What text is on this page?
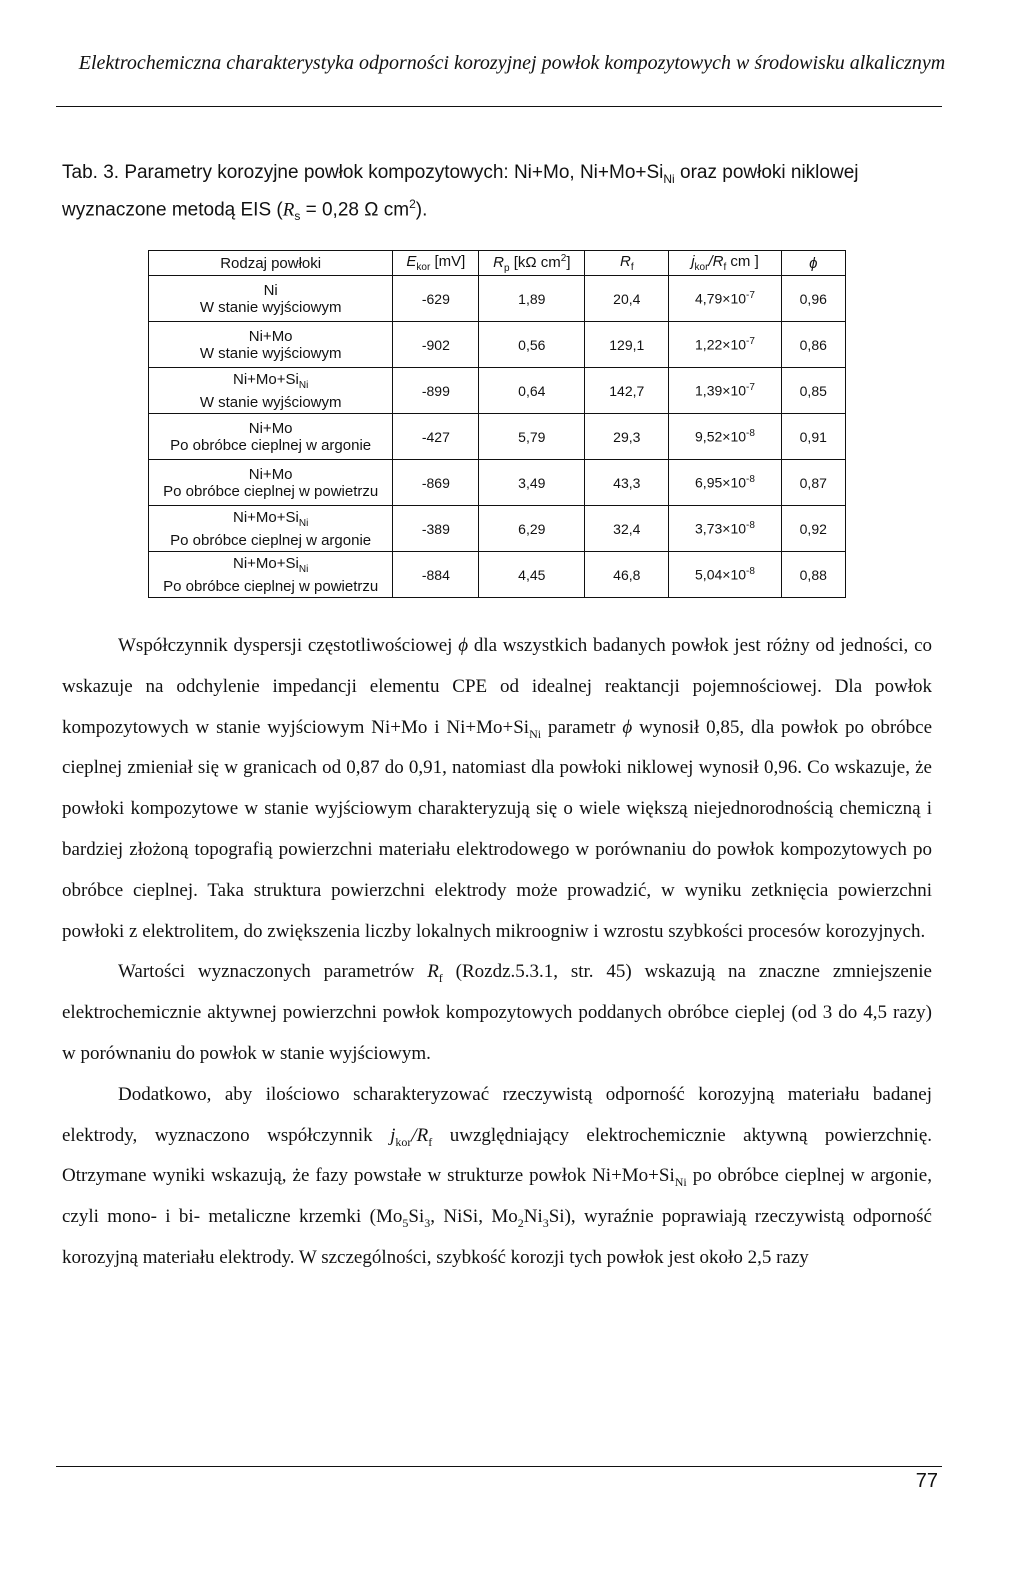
Elektrochemiczna charakterystyka odporności korozyjnej powłok kompozytowych w środowisku alkalicznym
Tab. 3. Parametry korozyjne powłok kompozytowych: Ni+Mo, $Ni+Mo+Si_{Ni}$ oraz powłoki niklowej wyznaczone metodą EIS ($R_s = 0,28$ Ω $cm^2$).
Rodzaj powłoki	$E_{kor}$ [mV]	$R_p$ [kΩ $cm^2$]	$R_f$	$j_{kor}/R_f$ cm ]	ϕ
Ni
W stanie wyjściowym	-629	1,89	20,4	$4,79\times 10^{-7}$	0,96
Ni+Mo
W stanie wyjściowym	-902	0,56	129,1	$1,22\times 10^{-7}$	0,86
$Ni+Mo+Si_{Ni}$
W stanie wyjściowym	-899	0,64	142,7	$1,39\times 10^{-7}$	0,85
Ni+Mo
Po obróbce cieplnej w argonie	-427	5,79	29,3	$9,52\times 10^{-8}$	0,91
Ni+Mo
Po obróbce cieplnej w powietrzu	-869	3,49	43,3	$6,95\times 10^{-8}$	0,87
$Ni+Mo+Si_{Ni}$
Po obróbce cieplnej w argonie	-389	6,29	32,4	$3,73\times 10^{-8}$	0,92
$Ni+Mo+Si_{Ni}$
Po obróbce cieplnej w powietrzu	-884	4,45	46,8	$5,04\times 10^{-8}$	0,88

Współczynnik dyspersji częstotliwościowej ϕ dla wszystkich badanych powłok jest różny od jedności, co wskazuje na odchylenie impedancji elementu CPE od idealnej reaktancji pojemnościowej. Dla powłok kompozytowych w stanie wyjściowym Ni+Mo i $Ni+Mo+Si_{Ni}$ parametr ϕ wynosił 0,85, dla powłok po obróbce cieplnej zmieniał się w granicach od 0,87 do 0,91, natomiast dla powłoki niklowej wynosił 0,96. Co wskazuje, że powłoki kompozytowe w stanie wyjściowym charakteryzują się o wiele większą niejednorodnością chemiczną i bardziej złożoną topografią powierzchni materiału elektrodowego w porównaniu do powłok kompozytowych po obróbce cieplnej. Taka struktura powierzchni elektrody może prowadzić, w wyniku zetknięcia powierzchni powłoki z elektrolitem, do zwiększenia liczby lokalnych mikroogniw i wzrostu szybkości procesów korozyjnych.

Wartości wyznaczonych parametrów $R_f$ (Rozdz.5.3.1, str. 45) wskazują na znaczne zmniejszenie elektrochemicznie aktywnej powierzchni powłok kompozytowych poddanych obróbce cieplej (od 3 do 4,5 razy) w porównaniu do powłok w stanie wyjściowym.

Dodatkowo, aby ilościowo scharakteryzować rzeczywistą odporność korozyjną materiału badanej elektrody, wyznaczono współczynnik $j_{kor}/R_f$ uwzględniający elektrochemicznie aktywną powierzchnię. Otrzymane wyniki wskazują, że fazy powstałe w strukturze powłok $Ni+Mo+Si_{Ni}$ po obróbce cieplnej w argonie, czyli mono- i bi- metaliczne krzemki ($Mo_5Si_3$, NiSi, $Mo_2Ni_3Si$), wyraźnie poprawiają rzeczywistą odporność korozyjną materiału elektrody. W szczególności, szybkość korozji tych powłok jest około 2,5 razy

77
